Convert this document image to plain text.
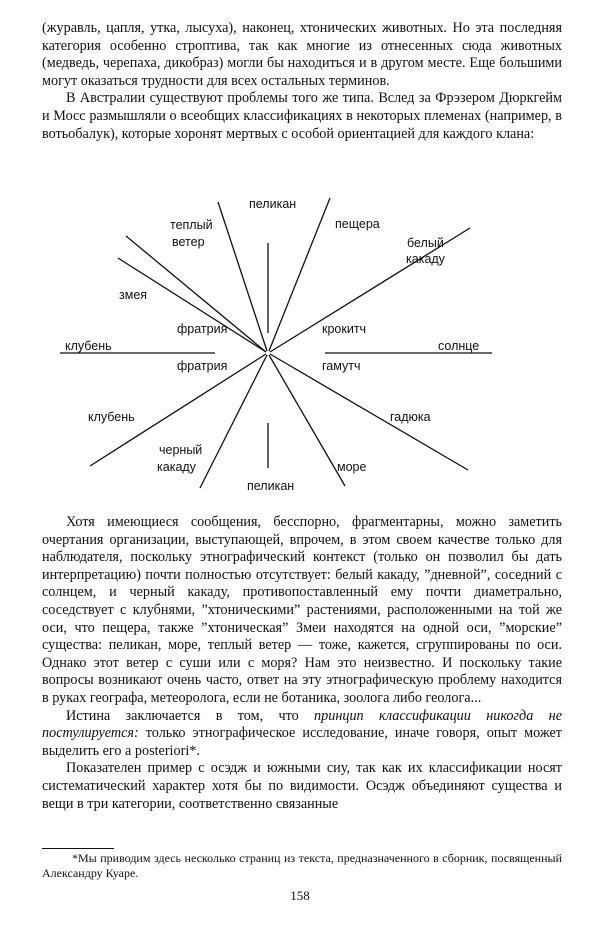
(журавль, цапля, утка, лысуха), наконец, хтонических животных. Но эта последняя категория особенно строптива, так как многие из отнесенных сюда животных (медведь, черепаха, дикобраз) могли бы находиться и в другом месте. Еще большими могут оказаться трудности для всех остальных терминов.

В Австралии существуют проблемы того же типа. Вслед за Фрэзером Дюркгейм и Мосс размышляли о всеобщих классификациях в некоторых племенах (например, в вотьобалук), которые хоронят мертвых с особой ориентацией для каждого клана:

пеликан
пещера
белый
какаду
теплый
ветер
змея
фратрия	крокитч
клубень	солнце
фратрия	гамутч
клубень	гадюка
черный
какаду	море
пеликан

Хотя имеющиеся сообщения, бесспорно, фрагментарны, можно заметить очертания организации, выступающей, впрочем, в этом своем качестве только для наблюдателя, поскольку этнографический контекст (только он позволил бы дать интерпретацию) почти полностью отсутствует: белый какаду, ”дневной”, соседний с солнцем, и черный какаду, противопоставленный ему почти диаметрально, соседствует с клубнями, ”хтоническими” растениями, расположенными на той же оси, что пещера, также ”хтоническая” Змеи находятся на одной оси, ”морские” существа: пеликан, море, теплый ветер — тоже, кажется, сгруппированы по оси. Однако этот ветер с суши или с моря? Нам это неизвестно. И поскольку такие вопросы возникают очень часто, ответ на эту этнографическую проблему находится в руках географа, метеоролога, если не ботаника, зоолога либо геолога...

Истина заключается в том, что принцип классификации никогда не постулируется: только этнографическое исследование, иначе говоря, опыт может выделить его а posteriori*.

Показателен пример с осэдж и южными сиу, так как их классификации носят систематический характер хотя бы по видимости. Осэдж объединяют существа и вещи в три категории, соответственно связанные

*Мы приводим здесь несколько страниц из текста, предназначенного в сборник, посвященный Александру Куаре.
158
